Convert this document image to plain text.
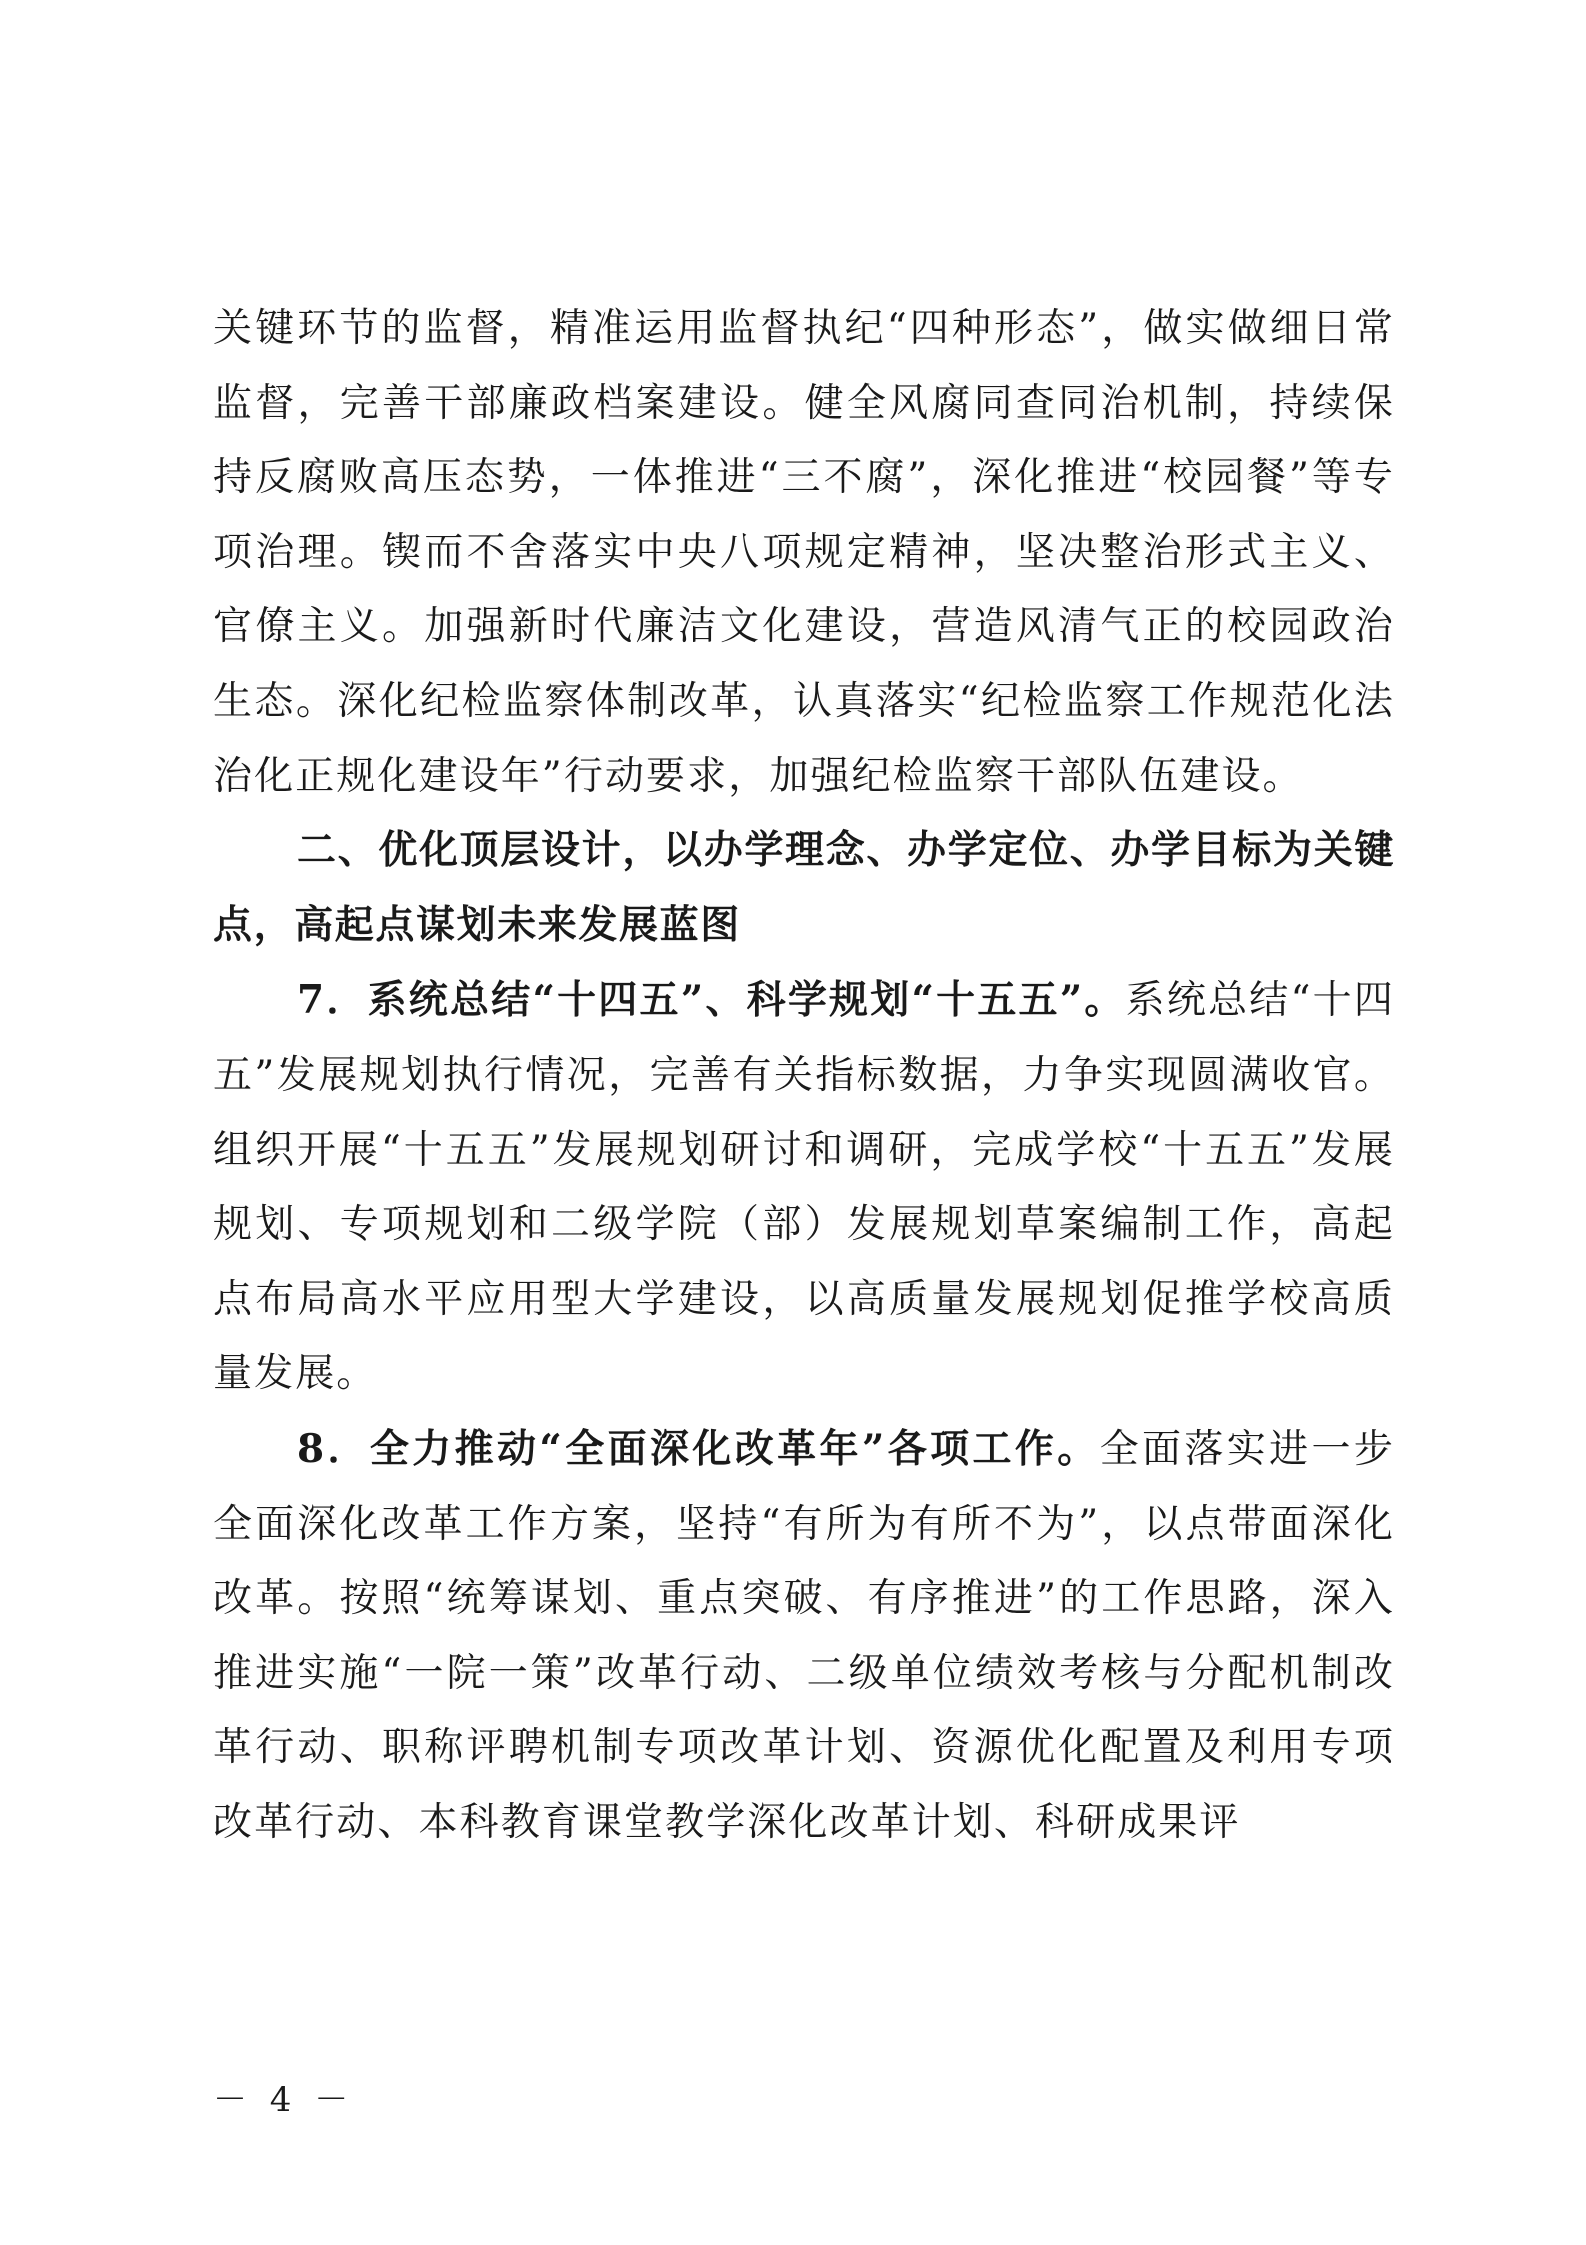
关键环节的监督，精准运用监督执纪“四种形态”，做实做细日常监督，完善干部廉政档案建设。健全风腐同查同治机制，持续保持反腐败高压态势，一体推进“三不腐”，深化推进“校园餐”等专项治理。锲而不舍落实中央八项规定精神，坚决整治形式主义、官僚主义。加强新时代廉洁文化建设，营造风清气正的校园政治生态。深化纪检监察体制改革，认真落实“纪检监察工作规范化法治化正规化建设年”行动要求，加强纪检监察干部队伍建设。

二、优化顶层设计，以办学理念、办学定位、办学目标为关键点，高起点谋划未来发展蓝图

7．系统总结“十四五”、科学规划“十五五”。系统总结“十四五”发展规划执行情况，完善有关指标数据，力争实现圆满收官。组织开展“十五五”发展规划研讨和调研，完成学校“十五五”发展规划、专项规划和二级学院（部）发展规划草案编制工作，高起点布局高水平应用型大学建设，以高质量发展规划促推学校高质量发展。

8．全力推动“全面深化改革年”各项工作。全面落实进一步全面深化改革工作方案，坚持“有所为有所不为”，以点带面深化改革。按照“统筹谋划、重点突破、有序推进”的工作思路，深入推进实施“一院一策”改革行动、二级单位绩效考核与分配机制改革行动、职称评聘机制专项改革计划、资源优化配置及利用专项改革行动、本科教育课堂教学深化改革计划、科研成果评

－ 4 －
